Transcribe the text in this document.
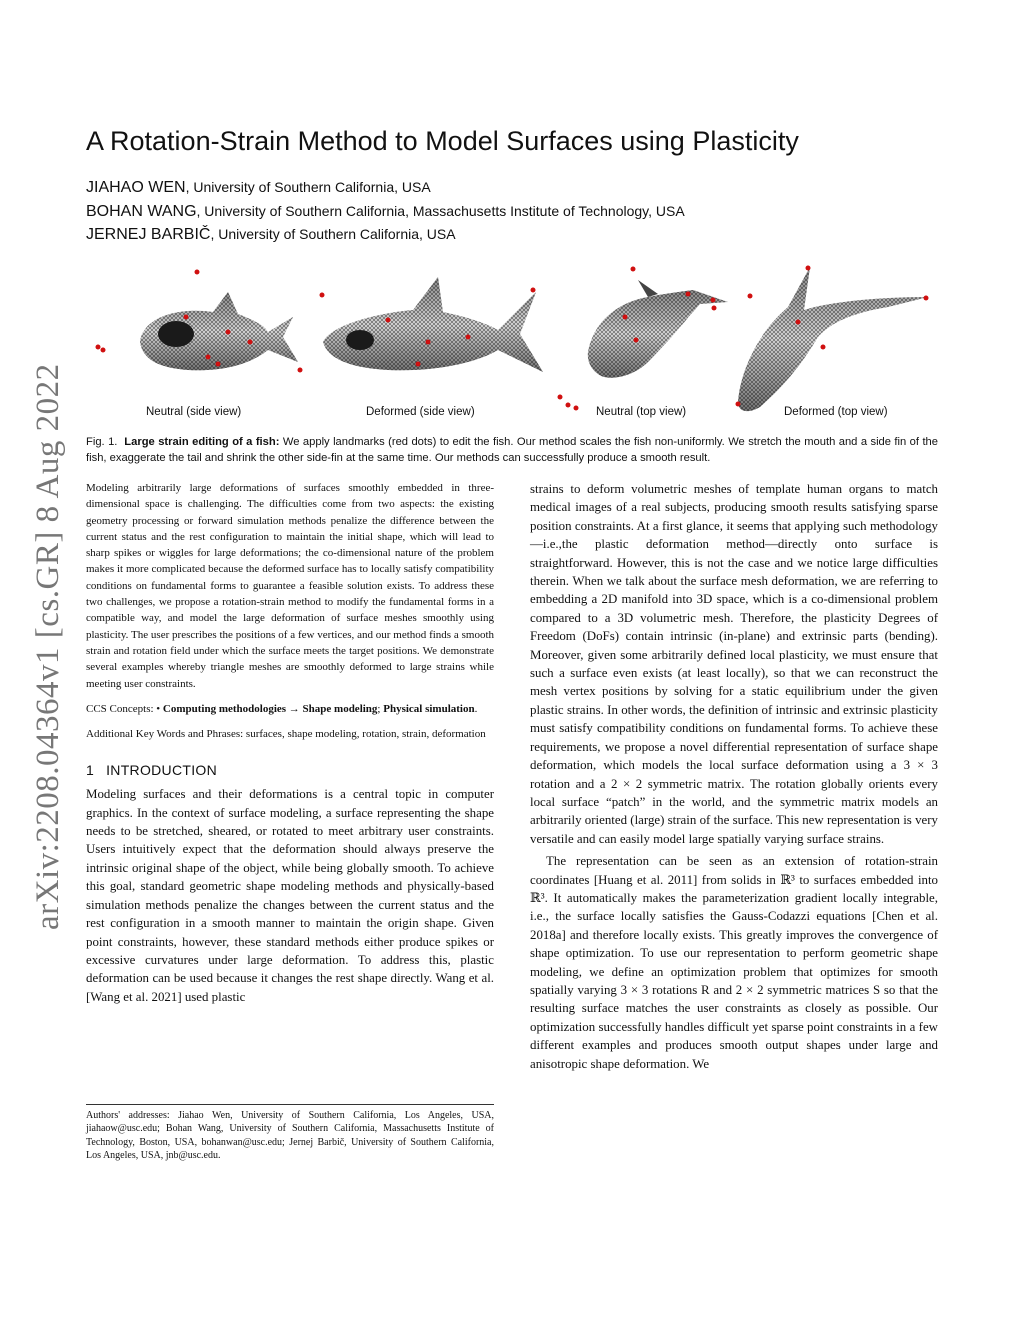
arXiv:2208.04364v1 [cs.GR] 8 Aug 2022
A Rotation-Strain Method to Model Surfaces using Plasticity
JIAHAO WEN, University of Southern California, USA
BOHAN WANG, University of Southern California, Massachusetts Institute of Technology, USA
JERNEJ BARBIČ, University of Southern California, USA
Neutral (side view)	Deformed (side view)	Neutral (top view)	Deformed (top view)
Fig. 1. Large strain editing of a fish: We apply landmarks (red dots) to edit the fish. Our method scales the fish non-uniformly. We stretch the mouth and a side fin of the fish, exaggerate the tail and shrink the other side-fin at the same time. Our methods can successfully produce a smooth result.

Modeling arbitrarily large deformations of surfaces smoothly embedded in three-dimensional space is challenging. The difficulties come from two aspects: the existing geometry processing or forward simulation methods penalize the difference between the current status and the rest configuration to maintain the initial shape, which will lead to sharp spikes or wiggles for large deformations; the co-dimensional nature of the problem makes it more complicated because the deformed surface has to locally satisfy compatibility conditions on fundamental forms to guarantee a feasible solution exists. To address these two challenges, we propose a rotation-strain method to modify the fundamental forms in a compatible way, and model the large deformation of surface meshes smoothly using plasticity. The user prescribes the positions of a few vertices, and our method finds a smooth strain and rotation field under which the surface meets the target positions. We demonstrate several examples whereby triangle meshes are smoothly deformed to large strains while meeting user constraints.

CCS Concepts: • Computing methodologies → Shape modeling; Physical simulation.

Additional Key Words and Phrases: surfaces, shape modeling, rotation, strain, deformation

1 INTRODUCTION

Modeling surfaces and their deformations is a central topic in computer graphics. In the context of surface modeling, a surface representing the shape needs to be stretched, sheared, or rotated to meet arbitrary user constraints. Users intuitively expect that the deformation should always preserve the intrinsic original shape of the object, while being globally smooth. To achieve this goal, standard geometric shape modeling methods and physically-based simulation methods penalize the changes between the current status and the rest configuration in a smooth manner to maintain the origin shape. Given point constraints, however, these standard methods either produce spikes or excessive curvatures under large deformation. To address this, plastic deformation can be used because it changes the rest shape directly. Wang et al. [Wang et al. 2021] used plastic

Authors' addresses: Jiahao Wen, University of Southern California, Los Angeles, USA, jiahaow@usc.edu; Bohan Wang, University of Southern California, Massachusetts Institute of Technology, Boston, USA, bohanwan@usc.edu; Jernej Barbič, University of Southern California, Los Angeles, USA, jnb@usc.edu.

strains to deform volumetric meshes of template human organs to match medical images of a real subjects, producing smooth results satisfying sparse position constraints. At a first glance, it seems that applying such methodology—i.e.,the plastic deformation method—directly onto surface is straightforward. However, this is not the case and we notice large difficulties therein. When we talk about the surface mesh deformation, we are referring to embedding a 2D manifold into 3D space, which is a co-dimensional problem compared to a 3D volumetric mesh. Therefore, the plasticity Degrees of Freedom (DoFs) contain intrinsic (in-plane) and extrinsic parts (bending). Moreover, given some arbitrarily defined local plasticity, we must ensure that such a surface even exists (at least locally), so that we can reconstruct the mesh vertex positions by solving for a static equilibrium under the given plastic strains. In other words, the definition of intrinsic and extrinsic plasticity must satisfy compatibility conditions on fundamental forms. To achieve these requirements, we propose a novel differential representation of surface shape deformation, which models the local surface deformation using a 3 × 3 rotation and a 2 × 2 symmetric matrix. The rotation globally orients every local surface “patch” in the world, and the symmetric matrix models an arbitrarily oriented (large) strain of the surface. This new representation is very versatile and can easily model large spatially varying surface strains.

The representation can be seen as an extension of rotation-strain coordinates [Huang et al. 2011] from solids in ℝ³ to surfaces embedded into ℝ³. It automatically makes the parameterization gradient locally integrable, i.e., the surface locally satisfies the Gauss-Codazzi equations [Chen et al. 2018a] and therefore locally exists. This greatly improves the convergence of shape optimization. To use our representation to perform geometric shape modeling, we define an optimization problem that optimizes for smooth spatially varying 3 × 3 rotations R and 2 × 2 symmetric matrices S so that the resulting surface matches the user constraints as closely as possible. Our optimization successfully handles difficult yet sparse point constraints in a few different examples and produces smooth output shapes under large and anisotropic shape deformation. We
